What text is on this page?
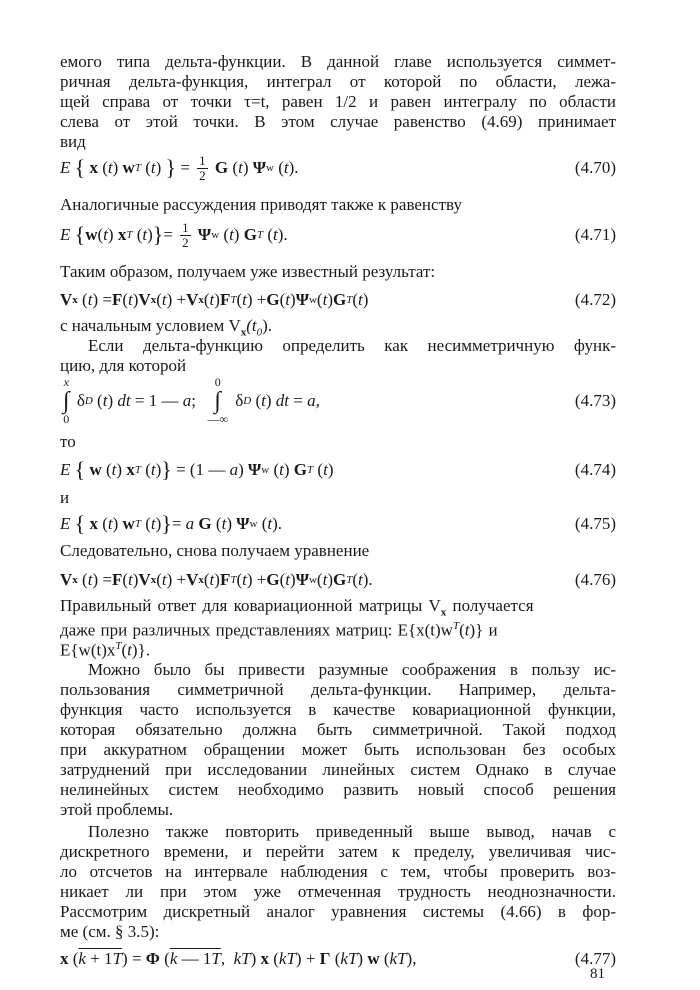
емого типа дельта-функции. В данной главе используется симмет-
ричная дельта-функция, интеграл от которой по области, лежа-
щей справа от точки τ=t, равен 1/2 и равен интегралу по области
слева от этой точки. В этом случае равенство (4.69) принимает
вид
E
{
x ( t ) w T ( t ) } = $\frac{1}{2}$
G ( t ) Ψ w ( t ).	(4.70)
Аналогичные рассуждения приводят также к равенству
E
{ w ( t ) x T ( t ) } = $\frac{1}{2}$
Ψ w ( t ) G T ( t ).	(4.71)
Таким образом, получаем уже известный результат:
V x ( t ) = F ( t ) V x ( t ) + V x ( t ) F T ( t ) + G ( t ) Ψ w ( t ) G T ( t )	(4.72)
с начальным условием $V_x(t_0)$.
Если дельта-функцию определить как несимметричную функ-
цию, для которой
x
∫
0
δ D ( t ) dt = 1 — a ;
0
∫
—∞
δ D ( t ) dt = a ,	(4.73)
то
E
{
w ( t ) x T ( t ) } = (1 — a ) Ψ w ( t ) G T ( t )	(4.74)
и
E
{
x ( t ) w T ( t ) } = a
G ( t ) Ψ w ( t ).	(4.75)
Следовательно, снова получаем уравнение
V x ( t ) = F ( t ) V x ( t ) + V x ( t ) F T ( t ) + G ( t ) Ψ w ( t ) G T ( t ).	(4.76)
Правильный ответ для ковариационной матрицы $V_x$ получается
даже при различных представлениях матриц: $E\{x(t)w^T(t)\}$ и
$E\{w(t)x^T(t)\}$.
Можно было бы привести разумные соображения в пользу ис-
пользования симметричной дельта-функции. Например, дельта-
функция часто используется в качестве ковариационной функции,
которая обязательно должна быть симметричной. Такой подход
при аккуратном обращении может быть использован без особых
затруднений при исследовании линейных систем Однако в случае
нелинейных систем необходимо развить новый способ решения
этой проблемы.
Полезно также повторить приведенный выше вывод, начав с
дискретного времени, и перейти затем к пределу, увеличивая чис-
ло отсчетов на интервале наблюдения с тем, чтобы проверить воз-
никает ли при этом уже отмеченная трудность неоднозначности.
Рассмотрим дискретный аналог уравнения системы (4.66) в фор-
ме (см. § 3.5):
x ( k + 1T ) = Φ ( k — 1T , kT ) x ( kT ) + Γ ( kT ) w ( kT ),	(4.77)
81
